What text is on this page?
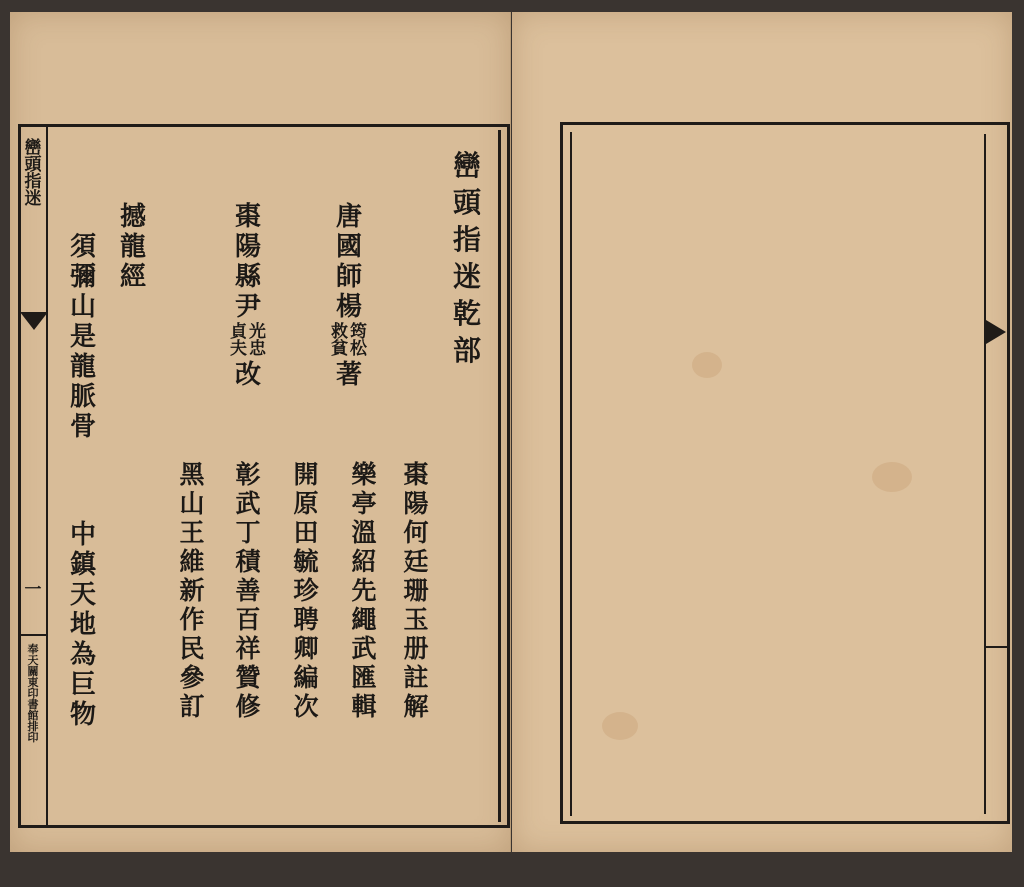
巒
頭
指
迷
一
奉
天
關
東
印
書
館
排
印
巒
頭
指
迷
乾
部
唐
國
師
楊
筠
松
救
貧
著
棗
陽
縣
尹
光
忠
貞
夫
改
撼
龍
經
須
彌
山
是
龍
脈
骨
中
鎮
天
地
為
巨
物
棗
陽
何
廷
珊
玉
册
註
解
樂
亭
溫
紹
先
繩
武
匯
輯
開
原
田
毓
珍
聘
卿
編
次
彰
武
丁
積
善
百
祥
贊
修
黑
山
王
維
新
作
民
參
訂
